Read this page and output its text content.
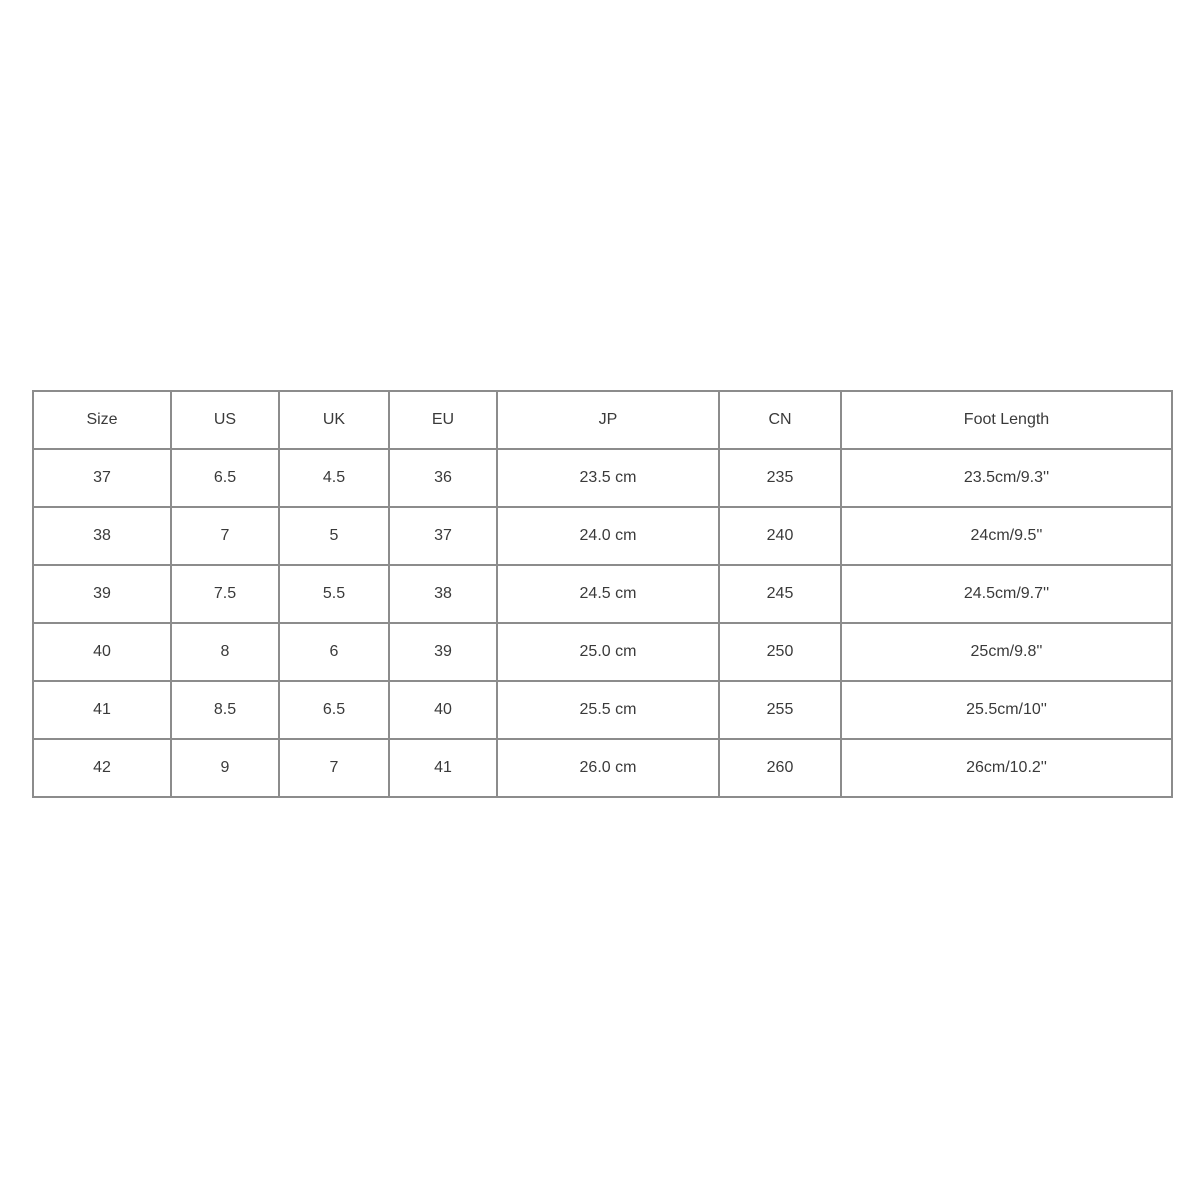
Size	US	UK	EU	JP	CN	Foot Length
37	6.5	4.5	36	23.5 cm	235	23.5cm/9.3''
38	7	5	37	24.0 cm	240	24cm/9.5''
39	7.5	5.5	38	24.5 cm	245	24.5cm/9.7''
40	8	6	39	25.0 cm	250	25cm/9.8''
41	8.5	6.5	40	25.5 cm	255	25.5cm/10''
42	9	7	41	26.0 cm	260	26cm/10.2''
